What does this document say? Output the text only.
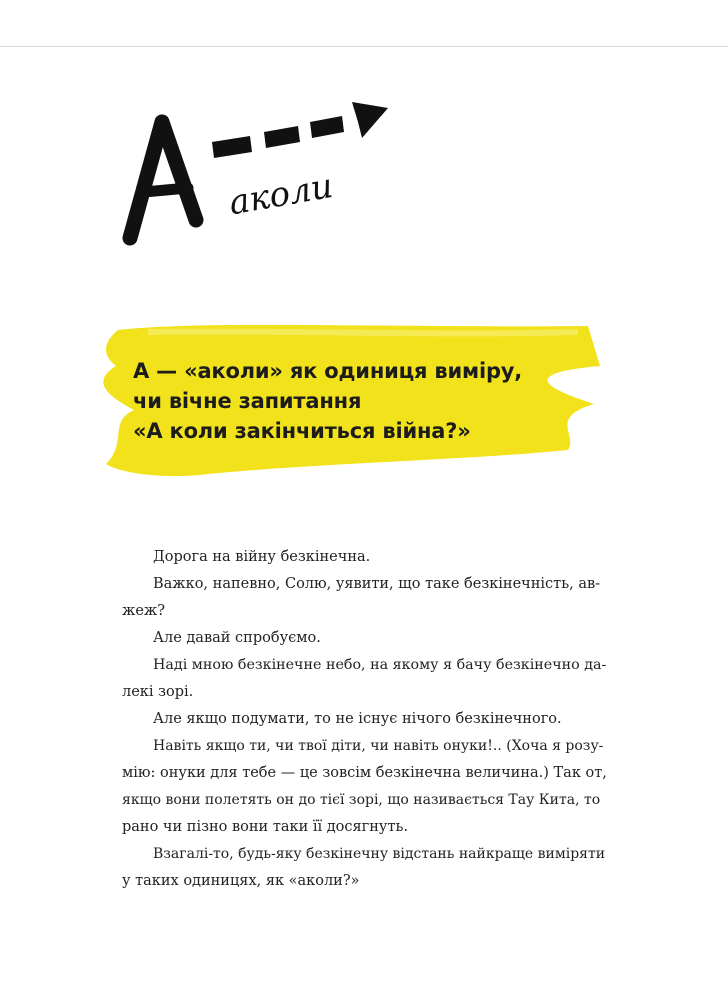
аколи
А — «аколи» як одиниця виміру,
чи вічне запитання
«А коли закінчиться війна?»
Дорога на війну безкінечна.
Важко, напевно, Солю, уявити, що таке безкінечність, ав-
жеж?
Але давай спробуємо.
Наді мною безкінечне небо, на якому я бачу безкінечно да-
лекі зорі.
Але якщо подумати, то не існує нічого безкінечного.
Навіть якщо ти, чи твої діти, чи навіть онуки!.. (Хоча я розу-
мію: онуки для тебе — це зовсім безкінечна величина.) Так от,
якщо вони полетять он до тієї зорі, що називається Тау Кита, то
рано чи пізно вони таки її досягнуть.
Взагалі-то, будь-яку безкінечну відстань найкраще виміряти
у таких одиницях, як «аколи?»
